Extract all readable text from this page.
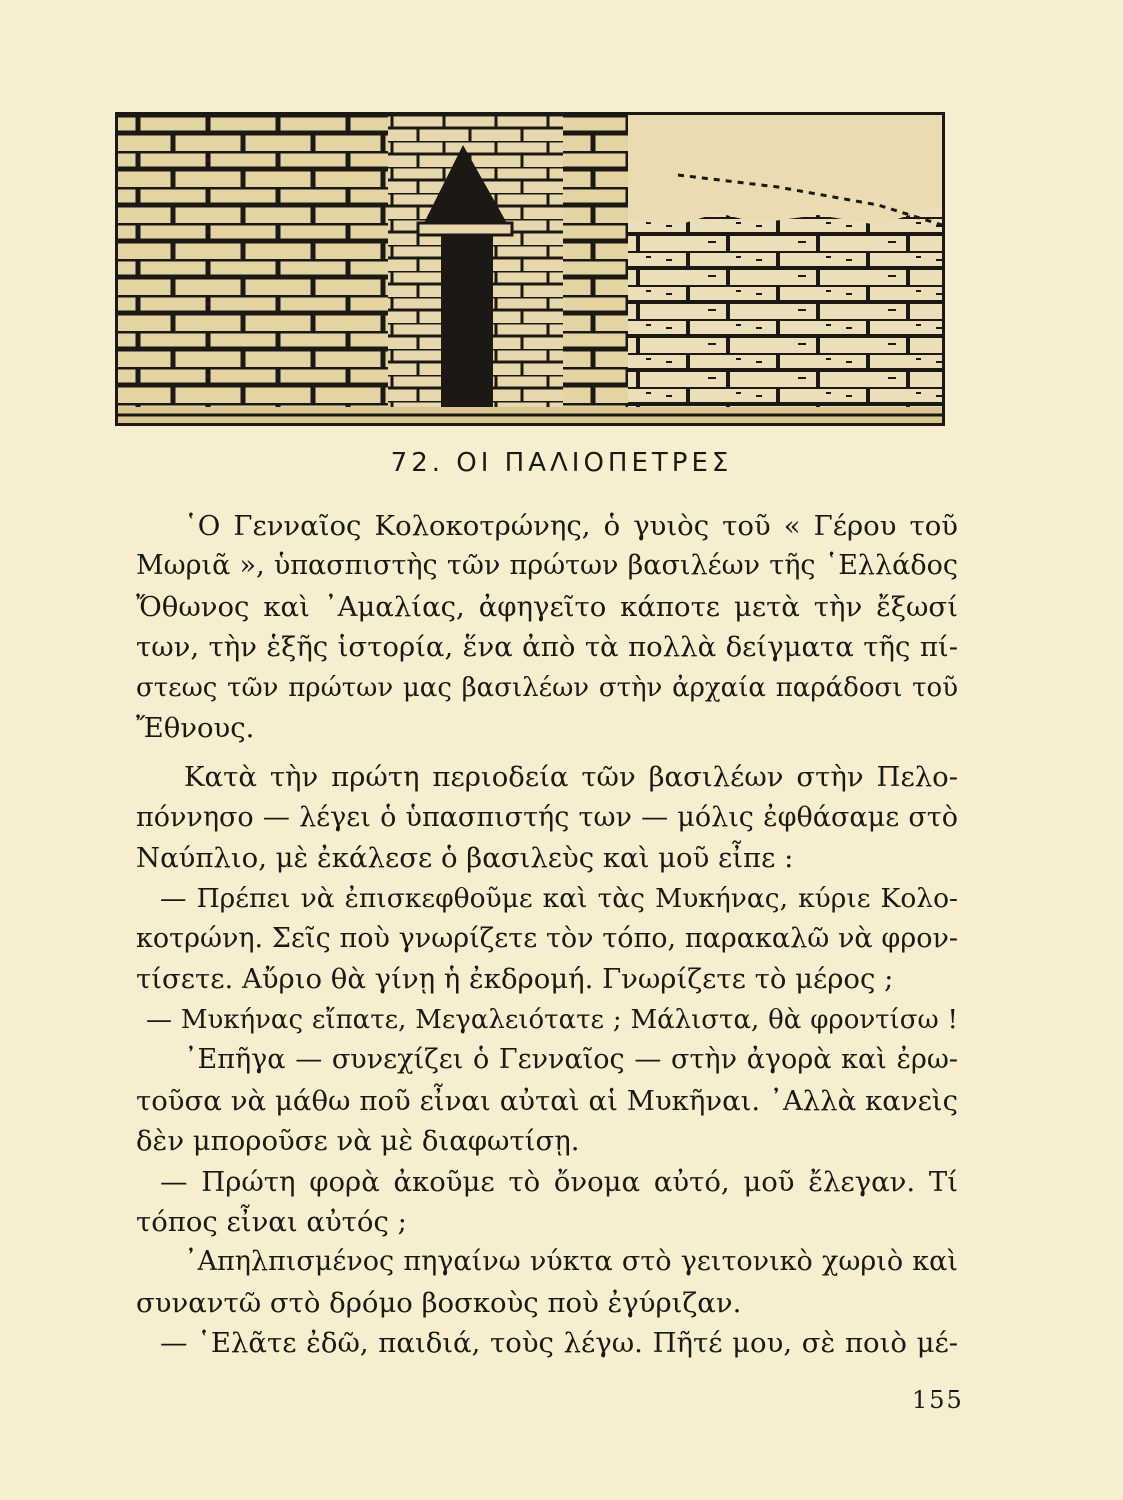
72. ΟΙ ΠΑΛΙΟΠΕΤΡΕΣ

῾Ο Γενναῖος Κολοκοτρώνης, ὁ γυιὸς τοῦ « Γέρου τοῦ
Μωριᾶ », ὑπασπιστὴς τῶν πρώτων βασιλέων τῆς ῾Ελλάδος
Ὄθωνος καὶ ᾿Αμαλίας, ἀφηγεῖτο κάποτε μετὰ τὴν ἔξωσί
των, τὴν ἑξῆς ἱστορία, ἕνα ἀπὸ τὰ πολλὰ δείγματα τῆς πί-
στεως τῶν πρώτων μας βασιλέων στὴν ἀρχαία παράδοσι τοῦ
Ἔθνους.

Κατὰ τὴν πρώτη περιοδεία τῶν βασιλέων στὴν Πελο-
πόννησο — λέγει ὁ ὑπασπιστής των — μόλις ἐφθάσαμε στὸ
Ναύπλιο, μὲ ἐκάλεσε ὁ βασιλεὺς καὶ μοῦ εἶπε :

— Πρέπει νὰ ἐπισκεφθοῦμε καὶ τὰς Μυκήνας, κύριε Κολο-
κοτρώνη. Σεῖς ποὺ γνωρίζετε τὸν τόπο, παρακαλῶ νὰ φρον-
τίσετε. Αὔριο θὰ γίνῃ ἡ ἐκδρομή. Γνωρίζετε τὸ μέρος ;

— Μυκήνας εἴπατε, Μεγαλειότατε ; Μάλιστα, θὰ φροντίσω !

᾿Επῆγα — συνεχίζει ὁ Γενναῖος — στὴν ἀγορὰ καὶ ἐρω-
τοῦσα νὰ μάθω ποῦ εἶναι αὐταὶ αἱ Μυκῆναι. ᾿Αλλὰ κανεὶς
δὲν μποροῦσε νὰ μὲ διαφωτίσῃ.

— Πρώτη φορὰ ἀκοῦμε τὸ ὄνομα αὐτό, μοῦ ἔλεγαν. Τί
τόπος εἶναι αὐτός ;

᾿Απηλπισμένος πηγαίνω νύκτα στὸ γειτονικὸ χωριὸ καὶ
συναντῶ στὸ δρόμο βοσκοὺς ποὺ ἐγύριζαν.

— ῾Ελᾶτε ἐδῶ, παιδιά, τοὺς λέγω. Πῆτέ μου, σὲ ποιὸ μέ-

155
